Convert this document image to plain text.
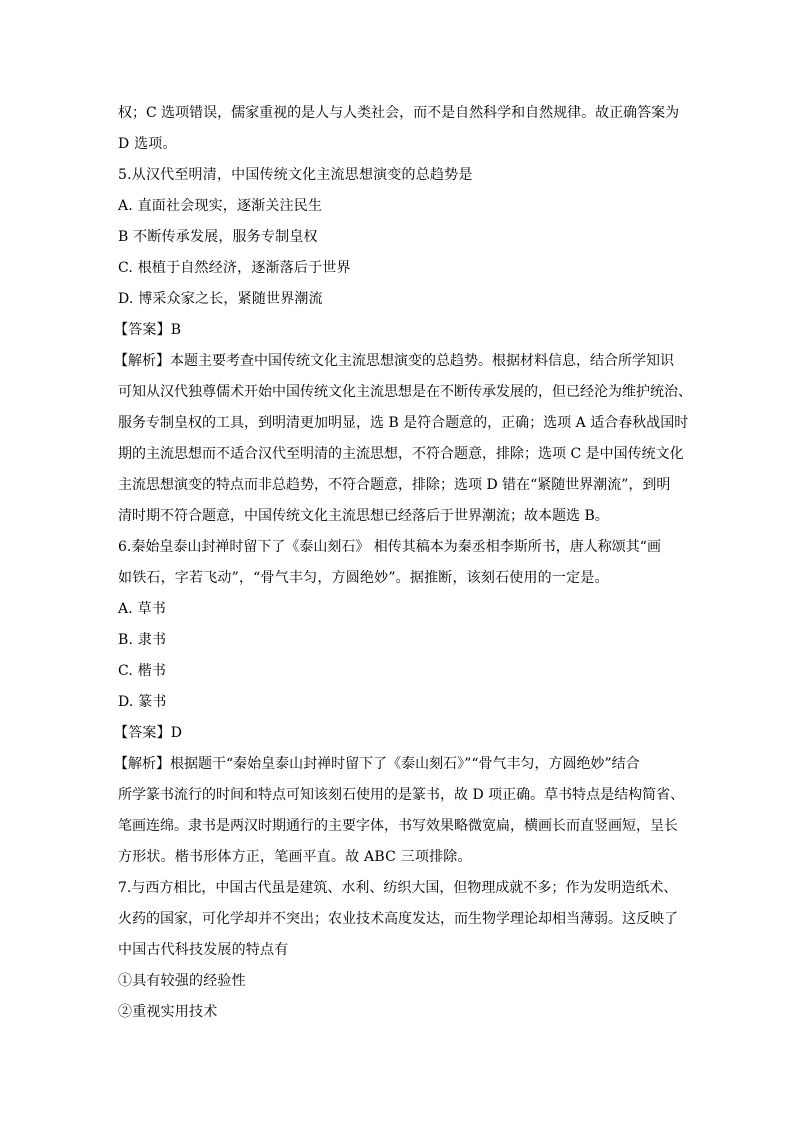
权；C 选项错误，儒家重视的是人与人类社会，而不是自然科学和自然规律。故正确答案为
D 选项。
5.从汉代至明清，中国传统文化主流思想演变的总趋势是
A. 直面社会现实，逐渐关注民生
B 不断传承发展，服务专制皇权
C. 根植于自然经济，逐渐落后于世界
D. 博采众家之长，紧随世界潮流
【答案】B
【解析】本题主要考查中国传统文化主流思想演变的总趋势。根据材料信息，结合所学知识
可知从汉代独尊儒术开始中国传统文化主流思想是在不断传承发展的，但已经沦为维护统治、
服务专制皇权的工具，到明清更加明显，选 B 是符合题意的，正确；选项 A 适合春秋战国时
期的主流思想而不适合汉代至明清的主流思想，不符合题意，排除；选项 C 是中国传统文化
主流思想演变的特点而非总趋势，不符合题意，排除；选项 D 错在“紧随世界潮流”，到明
清时期不符合题意，中国传统文化主流思想已经落后于世界潮流；故本题选 B。
6.秦始皇泰山封禅时留下了《泰山刻石》 相传其稿本为秦丞相李斯所书，唐人称颂其“画
如铁石，字若飞动”，“骨气丰匀，方圆绝妙”。据推断，该刻石使用的一定是。
A. 草书
B. 隶书
C. 楷书
D. 篆书
【答案】D
【解析】根据题干“秦始皇泰山封禅时留下了《泰山刻石》”“骨气丰匀，方圆绝妙”结合
所学篆书流行的时间和特点可知该刻石使用的是篆书，故 D 项正确。草书特点是结构简省、
笔画连绵。隶书是两汉时期通行的主要字体，书写效果略微宽扁，横画长而直竖画短，呈长
方形状。楷书形体方正，笔画平直。故 ABC 三项排除。
7.与西方相比，中国古代虽是建筑、水利、纺织大国，但物理成就不多；作为发明造纸术、
火药的国家，可化学却并不突出；农业技术高度发达，而生物学理论却相当薄弱。这反映了
中国古代科技发展的特点有
①具有较强的经验性
②重视实用技术
